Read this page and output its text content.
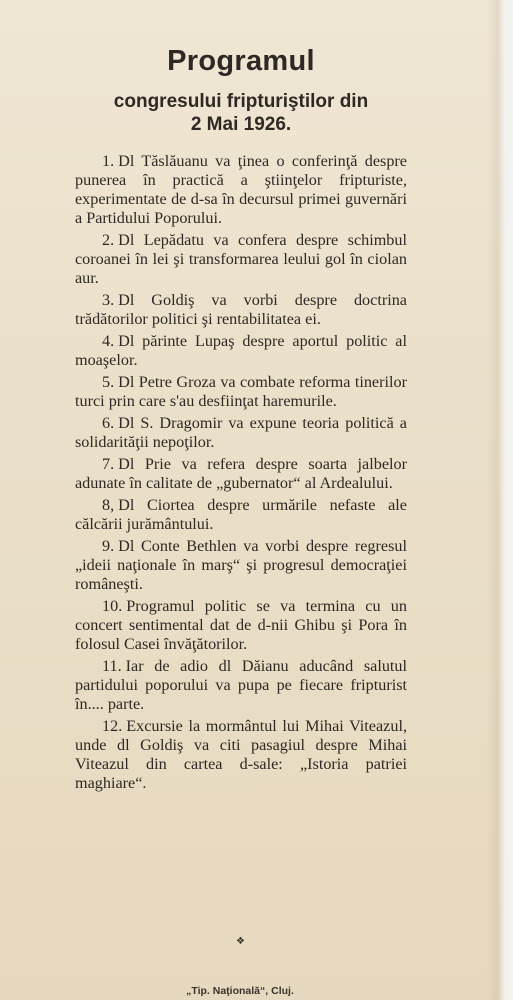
Programul
congresului fripturiştilor din
2 Mai 1926.

1. Dl Tăslăuanu va ţinea o conferinţă despre punerea în practică a ştiinţelor fripturiste, experimentate de d-sa în decursul primei guvernări a Partidului Poporului.

2. Dl Lepădatu va confera despre schimbul coroanei în lei şi transformarea leului gol în ciolan aur.

3. Dl Goldiş va vorbi despre doctrina trădătorilor politici şi rentabilitatea ei.

4. Dl părinte Lupaş despre aportul politic al moaşelor.

5. Dl Petre Groza va combate reforma tinerilor turci prin care s'au desfiinţat haremurile.

6. Dl S. Dragomir va expune teoria politică a solidarităţii nepoţilor.

7. Dl Prie va refera despre soarta jalbelor adunate în calitate de „gubernator“ al Ardealului.

8, Dl Ciortea despre urmările nefaste ale călcării jurământului.

9. Dl Conte Bethlen va vorbi despre regresul „ideii naţionale în marş“ şi progresul democraţiei româneşti.

10. Programul politic se va termina cu un concert sentimental dat de d-nii Ghibu şi Pora în folosul Casei învăţătorilor.

11. Iar de adio dl Dăianu aducând salutul partidului poporului va pupa pe fiecare fripturist în.... parte.

12. Excursie la mormântul lui Mihai Viteazul, unde dl Goldiş va citi pasagiul despre Mihai Viteazul din cartea d-sale: „Istoria patriei maghiare“.

❖
„Tip. Naţională“, Cluj.
